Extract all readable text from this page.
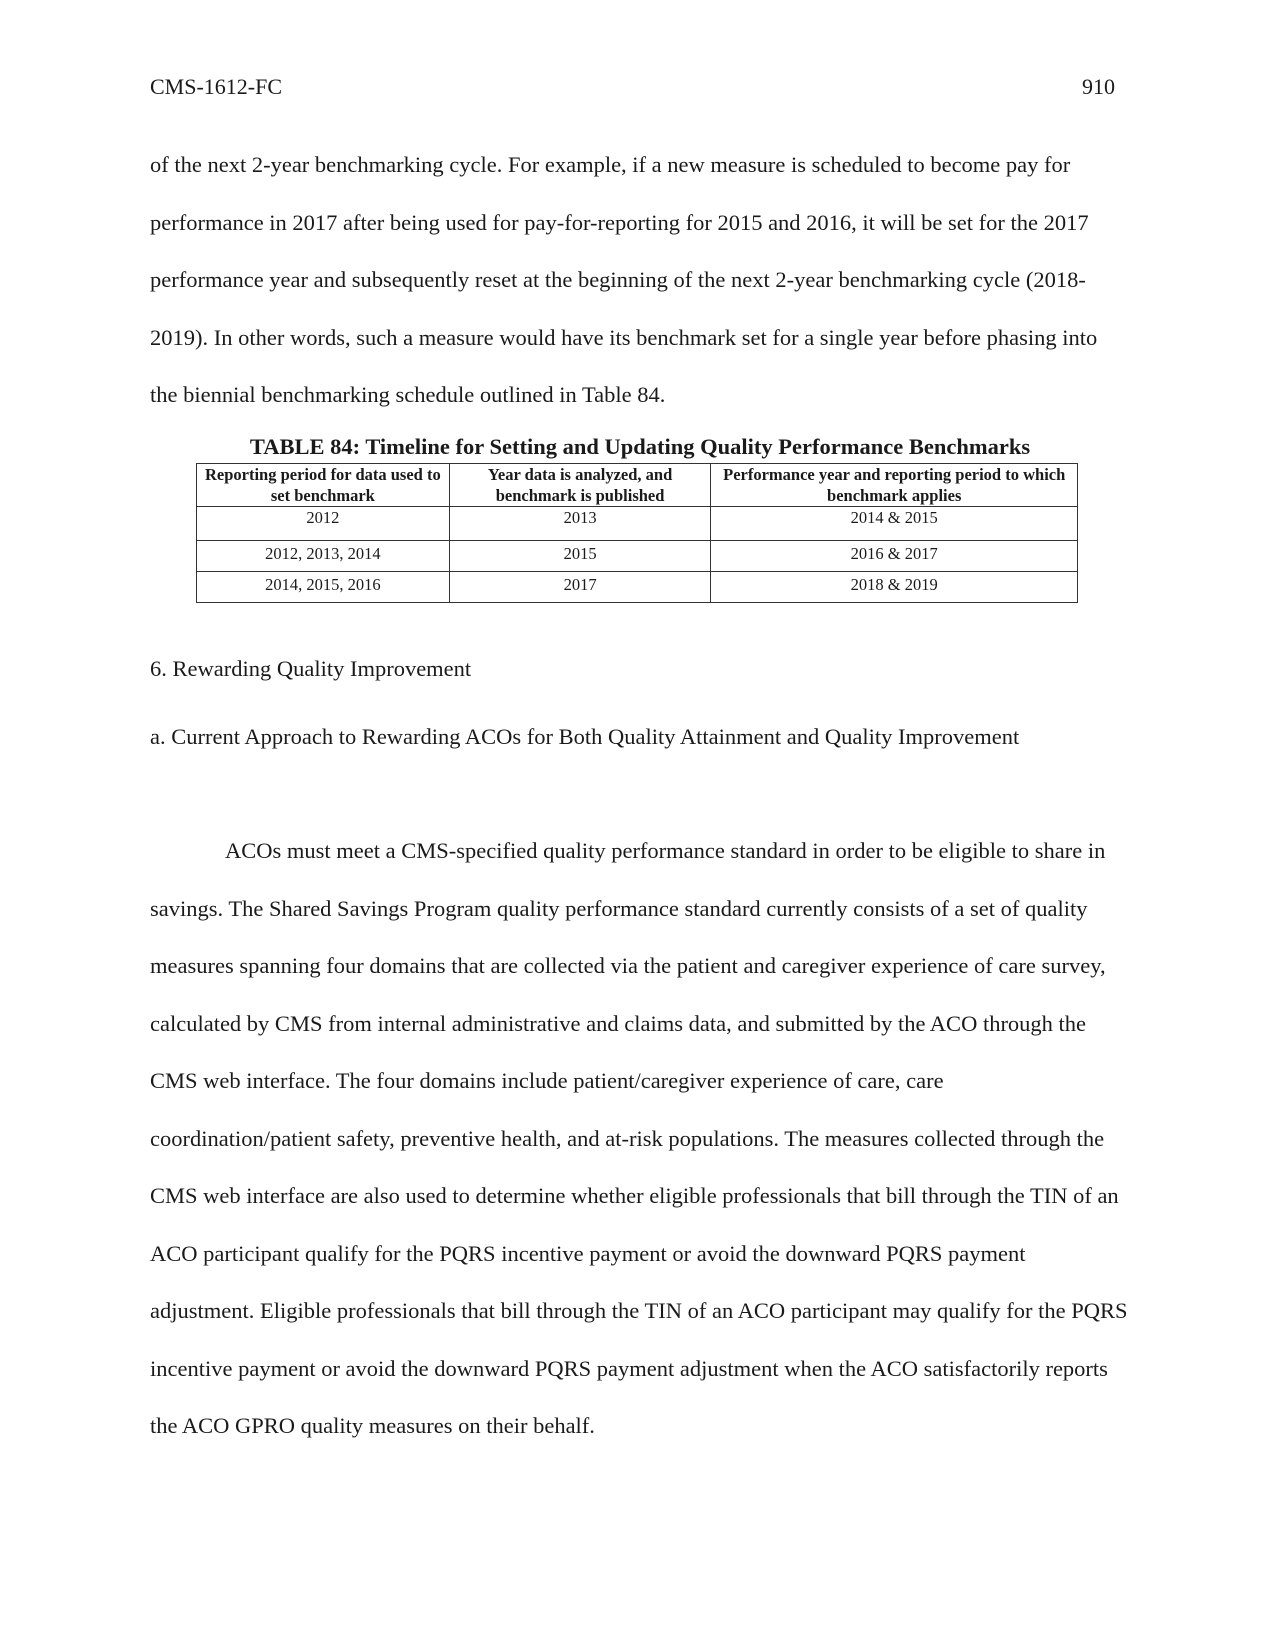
CMS-1612-FC	910

of the next 2-year benchmarking cycle. For example, if a new measure is scheduled to become pay for performance in 2017 after being used for pay-for-reporting for 2015 and 2016, it will be set for the 2017 performance year and subsequently reset at the beginning of the next 2-year benchmarking cycle (2018-2019). In other words, such a measure would have its benchmark set for a single year before phasing into the biennial benchmarking schedule outlined in Table 84.

TABLE 84: Timeline for Setting and Updating Quality Performance Benchmarks
Reporting period for data used to set benchmark	Year data is analyzed, and benchmark is published	Performance year and reporting period to which benchmark applies
2012	2013	2014 & 2015
2012, 2013, 2014	2015	2016 & 2017
2014, 2015, 2016	2017	2018 & 2019

6. Rewarding Quality Improvement

a. Current Approach to Rewarding ACOs for Both Quality Attainment and Quality Improvement

ACOs must meet a CMS-specified quality performance standard in order to be eligible to share in savings. The Shared Savings Program quality performance standard currently consists of a set of quality measures spanning four domains that are collected via the patient and caregiver experience of care survey, calculated by CMS from internal administrative and claims data, and submitted by the ACO through the CMS web interface. The four domains include patient/caregiver experience of care, care coordination/patient safety, preventive health, and at-risk populations. The measures collected through the CMS web interface are also used to determine whether eligible professionals that bill through the TIN of an ACO participant qualify for the PQRS incentive payment or avoid the downward PQRS payment adjustment. Eligible professionals that bill through the TIN of an ACO participant may qualify for the PQRS incentive payment or avoid the downward PQRS payment adjustment when the ACO satisfactorily reports the ACO GPRO quality measures on their behalf.
